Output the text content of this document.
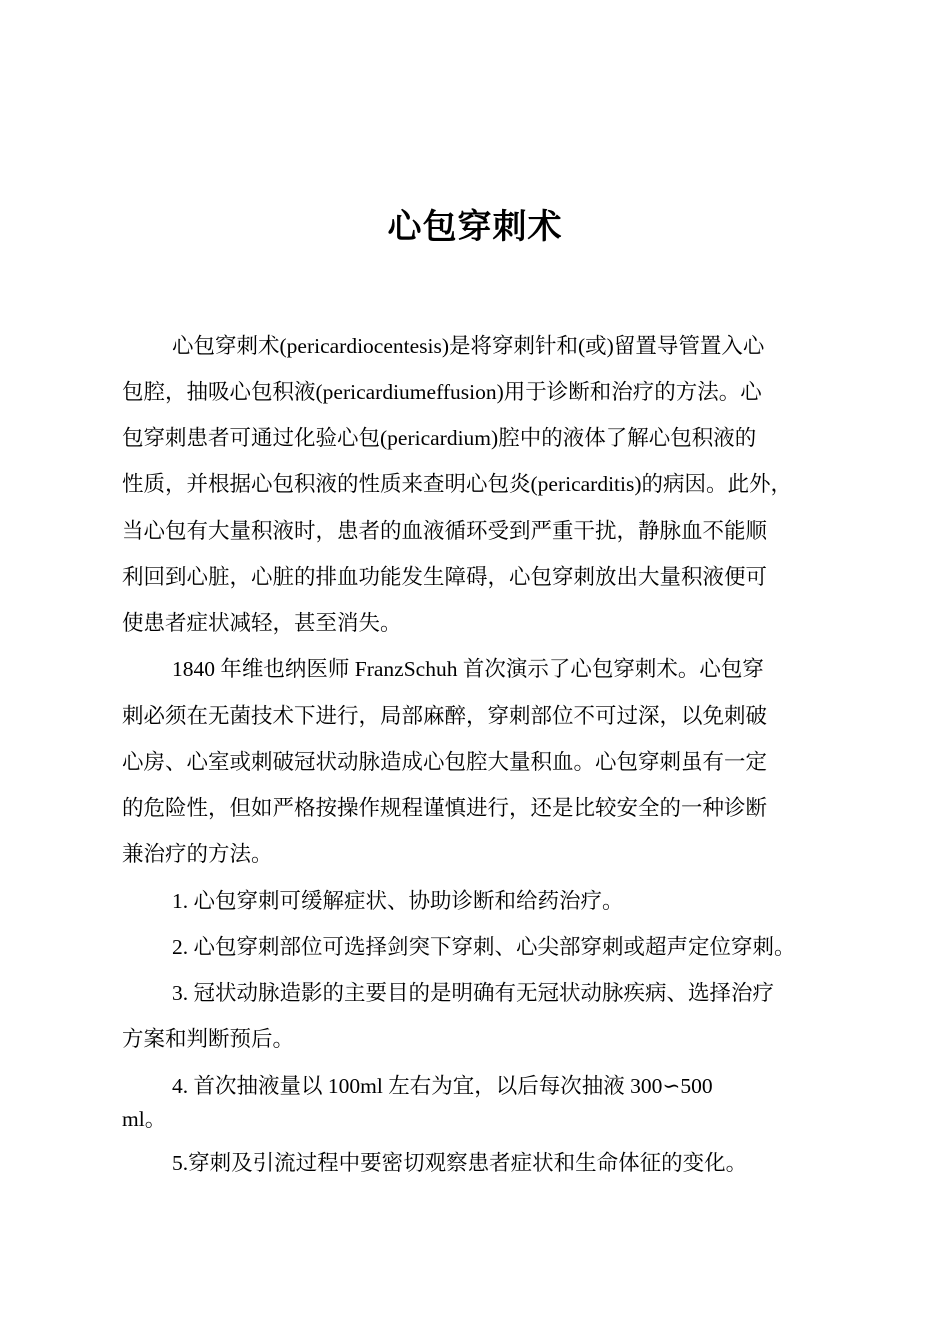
心包穿刺术
心包穿刺术(pericardiocentesis)是将穿刺针和(或)留置导管置入心
包腔，抽吸心包积液(pericardiumeffusion)用于诊断和治疗的方法。心
包穿刺患者可通过化验心包(pericardium)腔中的液体了解心包积液的
性质，并根据心包积液的性质来查明心包炎(pericarditis)的病因。此外，
当心包有大量积液时，患者的血液循环受到严重干扰，静脉血不能顺
利回到心脏，心脏的排血功能发生障碍，心包穿刺放出大量积液便可
使患者症状减轻，甚至消失。
1840 年维也纳医师 FranzSchuh 首次演示了心包穿刺术。心包穿
刺必须在无菌技术下进行，局部麻醉，穿刺部位不可过深，以免刺破
心房、心室或刺破冠状动脉造成心包腔大量积血。心包穿刺虽有一定
的危险性，但如严格按操作规程谨慎进行，还是比较安全的一种诊断
兼治疗的方法。
1. 心包穿刺可缓解症状、协助诊断和给药治疗。
2. 心包穿刺部位可选择剑突下穿刺、心尖部穿刺或超声定位穿刺。
3. 冠状动脉造影的主要目的是明确有无冠状动脉疾病、选择治疗
方案和判断预后。
4. 首次抽液量以 100ml 左右为宜，以后每次抽液 300∽500
ml。
5.穿刺及引流过程中要密切观察患者症状和生命体征的变化。
